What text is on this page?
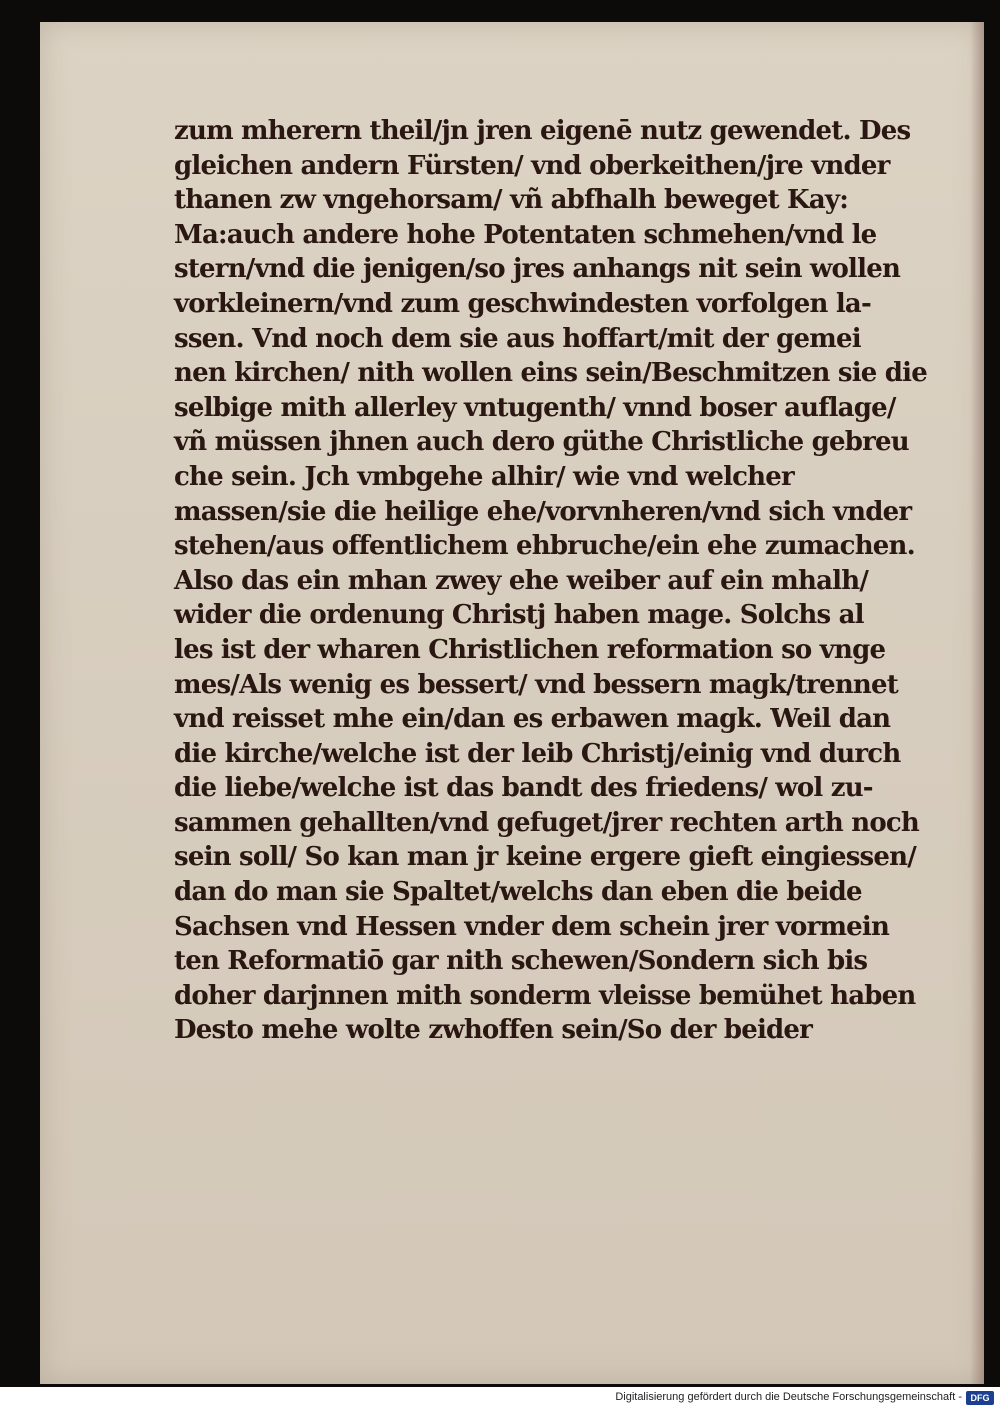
zum mherern theil/jn jren eigenē nutz gewendet. Des
gleichen andern Fürsten/ vnd oberkeithen/jre vnder
thanen zw vngehorsam/ vñ abfhalh beweget Kay:
Ma:auch andere hohe Potentaten schmehen/vnd le
stern/vnd die jenigen/so jres anhangs nit sein wollen
vorkleinern/vnd zum geschwindesten vorfolgen la-
ssen. Vnd noch dem sie aus hoffart/mit der gemei
nen kirchen/ nith wollen eins sein/Beschmitzen sie die
selbige mith allerley vntugenth/ vnnd boser auflage/
vñ müssen jhnen auch dero güthe Christliche gebreu
che sein. Jch vmbgehe alhir/ wie vnd welcher
massen/sie die heilige ehe/vorvnheren/vnd sich vnder
stehen/aus offentlichem ehbruche/ein ehe zumachen.
Also das ein mhan zwey ehe weiber auf ein mhalh/
wider die ordenung Christj haben mage. Solchs al
les ist der wharen Christlichen reformation so vnge
mes/Als wenig es bessert/ vnd bessern magk/trennet
vnd reisset mhe ein/dan es erbawen magk. Weil dan
die kirche/welche ist der leib Christj/einig vnd durch
die liebe/welche ist das bandt des friedens/ wol zu-
sammen gehallten/vnd gefuget/jrer rechten arth noch
sein soll/ So kan man jr keine ergere gieft eingiessen/
dan do man sie Spaltet/welchs dan eben die beide
Sachsen vnd Hessen vnder dem schein jrer vormein
ten Reformatiō gar nith schewen/Sondern sich bis
doher darjnnen mith sonderm vleisse bemühet haben
Desto mehe wolte zwhoffen sein/So der beider
Digitalisierung gefördert durch die Deutsche Forschungsgemeinschaft - DFG
